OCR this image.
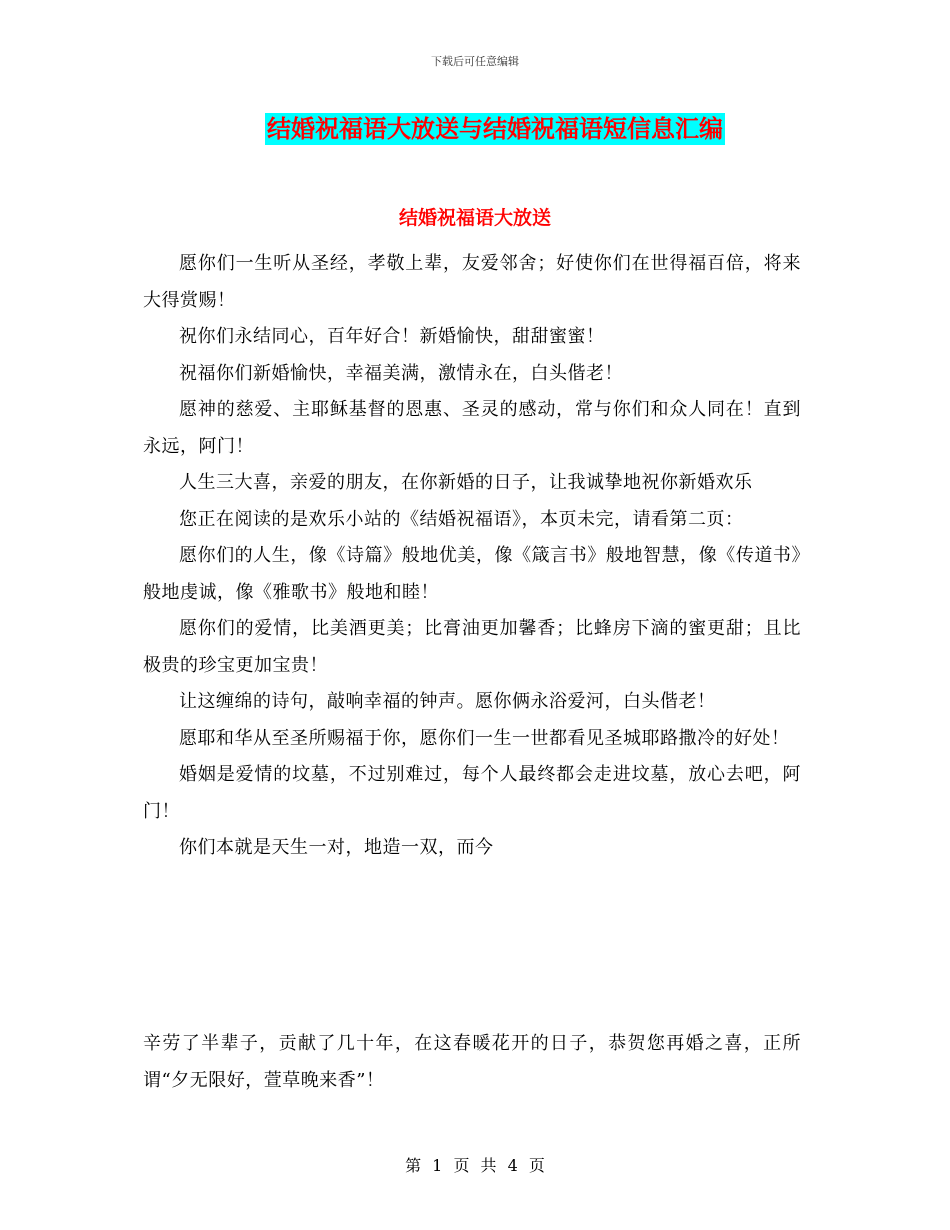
下载后可任意编辑
结婚祝福语大放送与结婚祝福语短信息汇编
结婚祝福语大放送

愿你们一生听从圣经，孝敬上辈，友爱邻舍；好使你们在世得福百倍，将来大得赏赐！

祝你们永结同心，百年好合！新婚愉快，甜甜蜜蜜！

祝福你们新婚愉快，幸福美满，激情永在，白头偕老！

愿神的慈爱、主耶稣基督的恩惠、圣灵的感动，常与你们和众人同在！直到永远，阿门！

人生三大喜，亲爱的朋友，在你新婚的日子，让我诚挚地祝你新婚欢乐

您正在阅读的是欢乐小站的《结婚祝福语》，本页未完，请看第二页：

愿你们的人生，像《诗篇》般地优美，像《箴言书》般地智慧，像《传道书》般地虔诚，像《雅歌书》般地和睦！

愿你们的爱情，比美酒更美；比膏油更加馨香；比蜂房下滴的蜜更甜；且比极贵的珍宝更加宝贵！

让这缠绵的诗句，敲响幸福的钟声。愿你俩永浴爱河，白头偕老！

愿耶和华从至圣所赐福于你，愿你们一生一世都看见圣城耶路撒冷的好处！

婚姻是爱情的坟墓，不过别难过，每个人最终都会走进坟墓，放心去吧，阿门！

你们本就是天生一对，地造一双，而今

辛劳了半辈子，贡献了几十年，在这春暖花开的日子，恭贺您再婚之喜，正所谓“夕无限好，萱草晚来香”！

第 1 页 共 4 页
